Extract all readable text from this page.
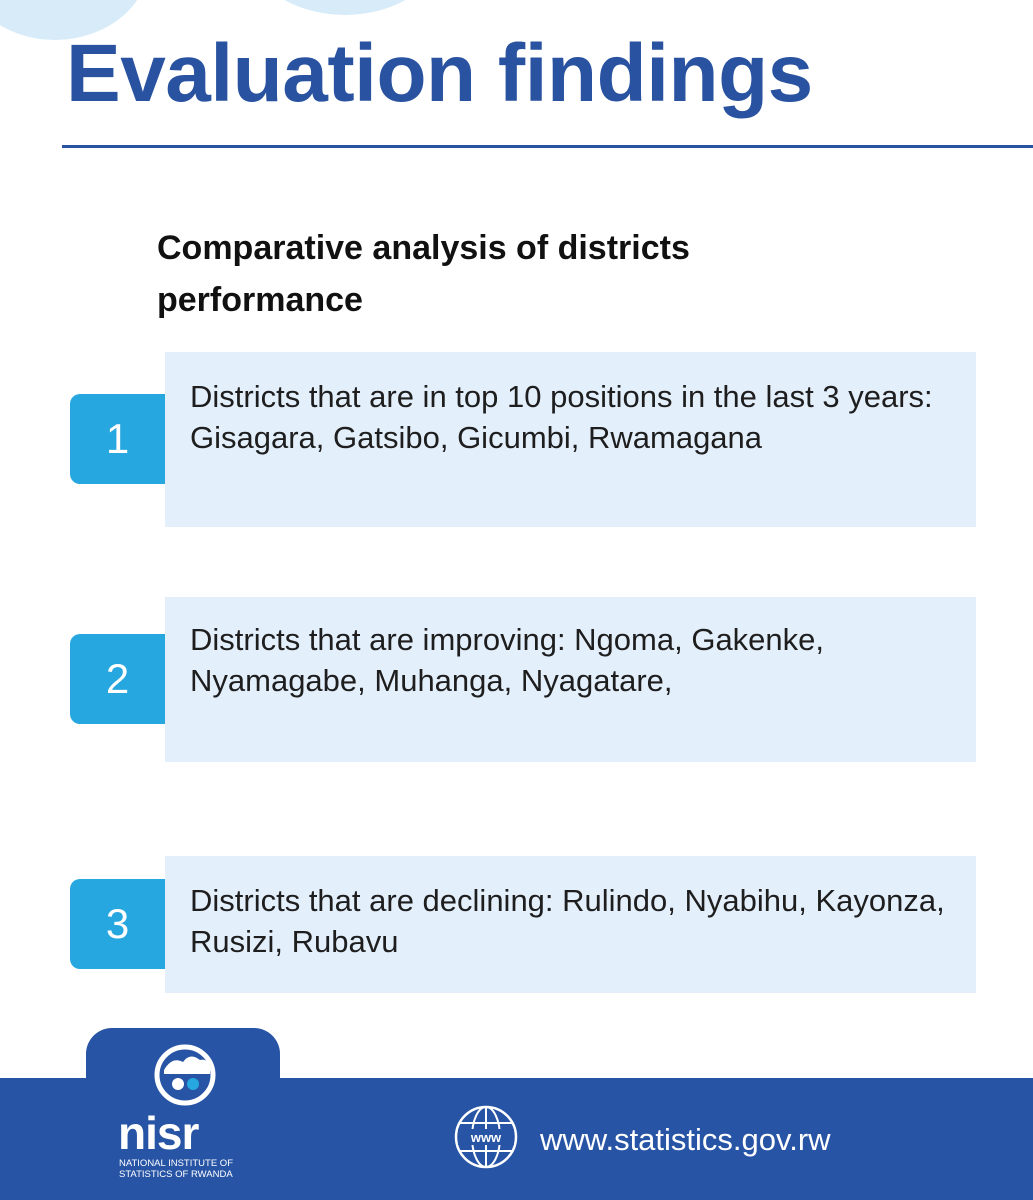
Evaluation findings
Comparative analysis of districts performance
1
Districts that are in top 10 positions in the last 3 years: Gisagara, Gatsibo, Gicumbi, Rwamagana
2
Districts that are improving: Ngoma, Gakenke, Nyamagabe, Muhanga, Nyagatare,
3	Districts that are declining: Rulindo, Nyabihu, Kayonza, Rusizi, Rubavu
nisr
NATIONAL INSTITUTE OF STATISTICS OF RWANDA
www www.statistics.gov.rw
